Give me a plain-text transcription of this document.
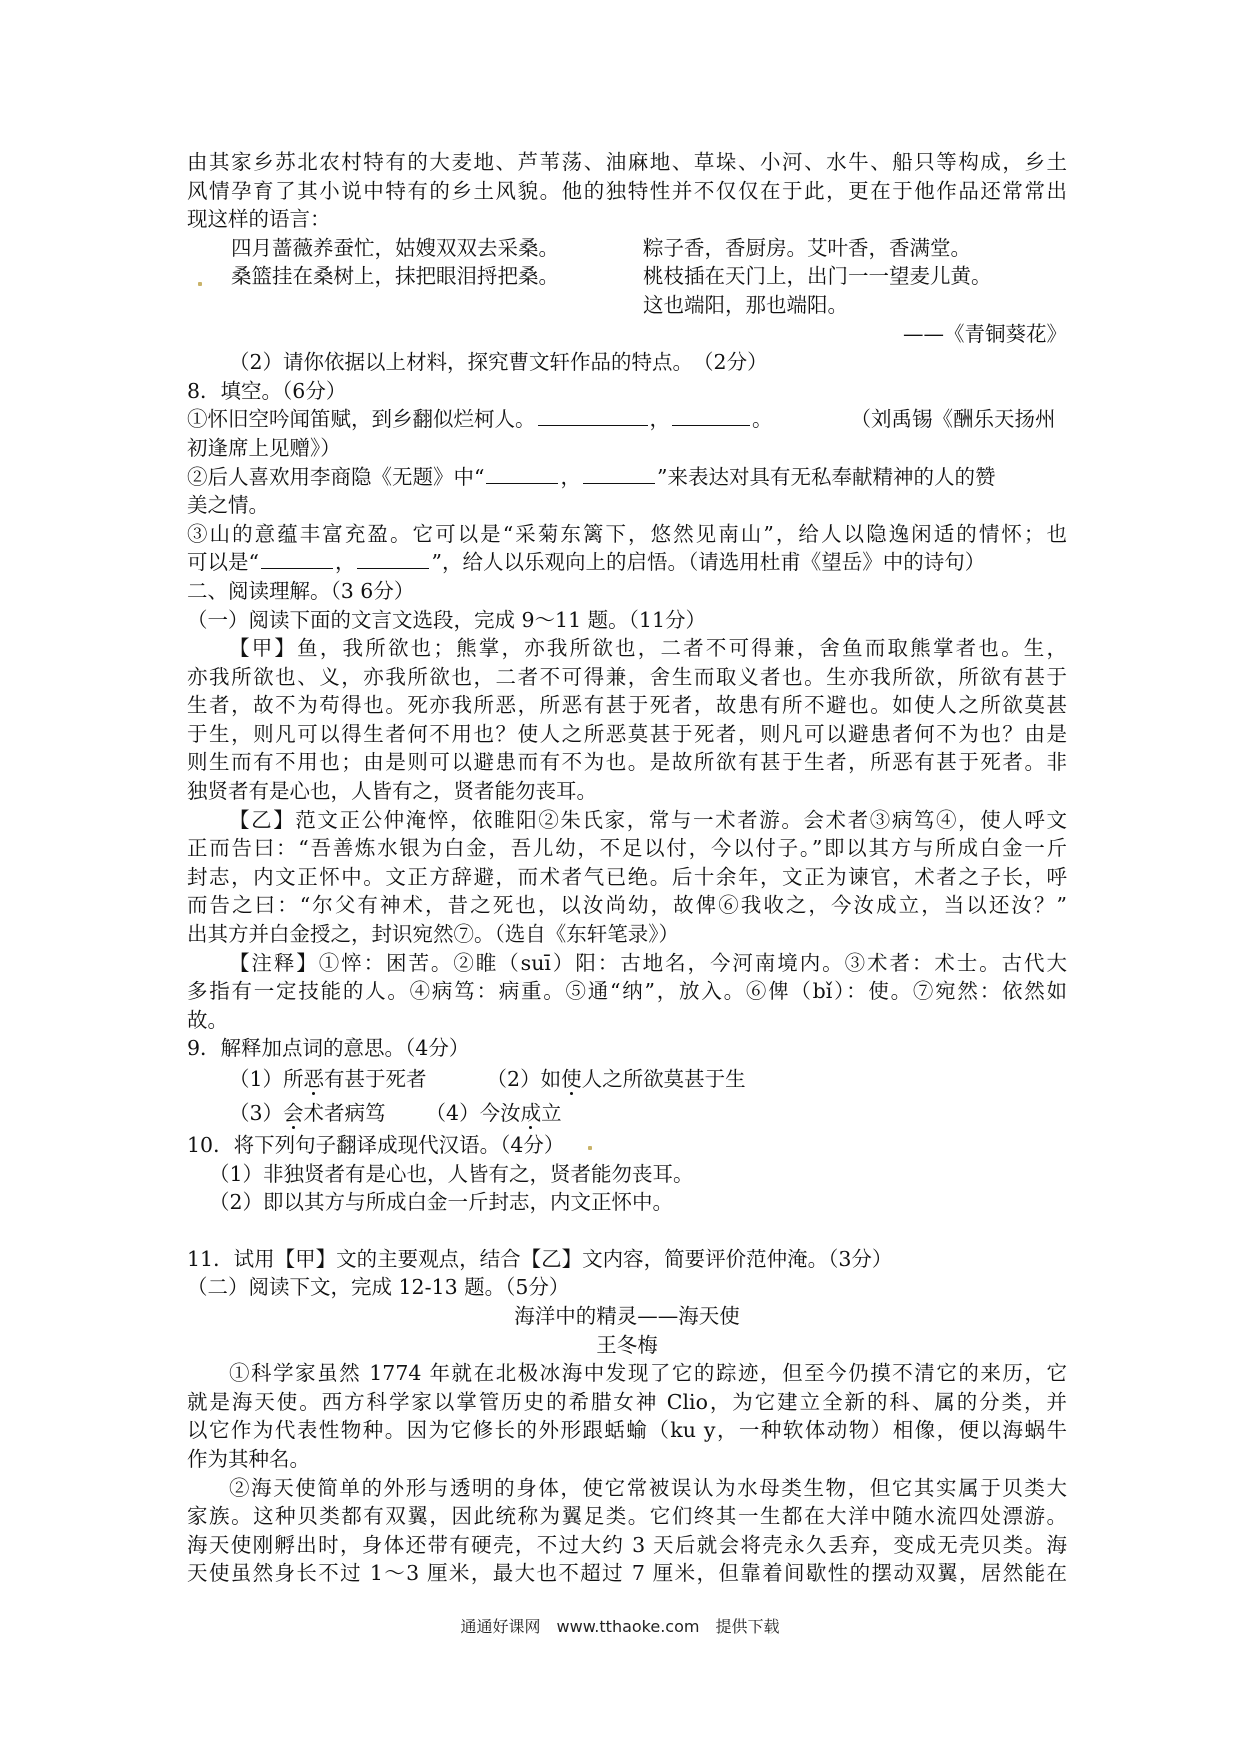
由其家乡苏北农村特有的大麦地、芦苇荡、油麻地、草垛、小河、水牛、船只等构成，乡土
风情孕育了其小说中特有的乡土风貌。他的独特性并不仅仅在于此，更在于他作品还常常出
现这样的语言：
四月蔷薇养蚕忙，姑嫂双双去采桑。
桑篮挂在桑树上，抹把眼泪捋把桑。
粽子香，香厨房。艾叶香，香满堂。
桃枝插在天门上，出门一一望麦儿黄。
这也端阳，那也端阳。
——《青铜葵花》
（2）请你依据以上材料，探究曹文轩作品的特点。　（2分）
8．填空。（6分）
①怀旧空吟闻笛赋，到乡翻似烂柯人。	，	。	（刘禹锡《酬乐天扬州
初逢席上见赠》）
②后人喜欢用李商隐《无题》中“	，	”来表达对具有无私奉献精神的人的赞
美之情。
③山的意蕴丰富充盈。它可以是“采菊东篱下，悠然见南山”，给人以隐逸闲适的情怀；也
可以是“	，	”，给人以乐观向上的启悟。（请选用杜甫《望岳》中的诗句）
二、阅读理解。（3 6分）
（一）阅读下面的文言文选段，完成 9～11 题。（11分）
【甲】鱼，我所欲也；熊掌，亦我所欲也，二者不可得兼，舍鱼而取熊掌者也。生，
亦我所欲也、义，亦我所欲也，二者不可得兼，舍生而取义者也。生亦我所欲，所欲有甚于
生者，故不为苟得也。死亦我所恶，所恶有甚于死者，故患有所不避也。如使人之所欲莫甚
于生，则凡可以得生者何不用也？使人之所恶莫甚于死者，则凡可以避患者何不为也？由是
则生而有不用也；由是则可以避患而有不为也。是故所欲有甚于生者，所恶有甚于死者。非
独贤者有是心也，人皆有之，贤者能勿丧耳。
【乙】范文正公仲淹悴，依睢阳②朱氏家，常与一术者游。会术者③病笃④，使人呼文
正而告曰：“吾善炼水银为白金，吾儿幼，不足以付，今以付子。”即以其方与所成白金一斤
封志，内文正怀中。文正方辞避，而术者气已绝。后十余年，文正为谏官，术者之子长，呼
而告之曰：“尔父有神术，昔之死也，以汝尚幼，故俾⑥我收之，今汝成立，当以还汝？”
出其方并白金授之，封识宛然⑦。（选自《东轩笔录》）
【注释】①悴：困苦。②睢（suī）阳：古地名，今河南境内。③术者：术士。古代大
多指有一定技能的人。④病笃：病重。⑤通“纳”，放入。⑥俾（bǐ）：使。⑦宛然：依然如
故。
9．解释加点词的意思。（4分）
（1）所恶有甚于死者	（2）如使人之所欲莫甚于生
（3）会术者病笃 （4）今汝成立
10．将下列句子翻译成现代汉语。（4分）
（1）非独贤者有是心也，人皆有之，贤者能勿丧耳。
（2）即以其方与所成白金一斤封志，内文正怀中。
11．试用【甲】文的主要观点，结合【乙】文内容，简要评价范仲淹。（3分）
（二）阅读下文，完成 12-13 题。（5分）
海洋中的精灵——海天使
王冬梅
①科学家虽然 1774 年就在北极冰海中发现了它的踪迹，但至今仍摸不清它的来历，它
就是海天使。西方科学家以掌管历史的希腊女神 Clio，为它建立全新的科、属的分类，并
以它作为代表性物种。因为它修长的外形跟蛞蝓（ku y，一种软体动物）相像，便以海蜗牛
作为其种名。
②海天使简单的外形与透明的身体，使它常被误认为水母类生物，但它其实属于贝类大
家族。这种贝类都有双翼，因此统称为翼足类。它们终其一生都在大洋中随水流四处漂游。
海天使刚孵出时，身体还带有硬壳，不过大约 3 天后就会将壳永久丢弃，变成无壳贝类。海
天使虽然身长不过 1～3 厘米，最大也不超过 7 厘米，但靠着间歇性的摆动双翼，居然能在
通通好课网　www.tthaoke.com　提供下载
